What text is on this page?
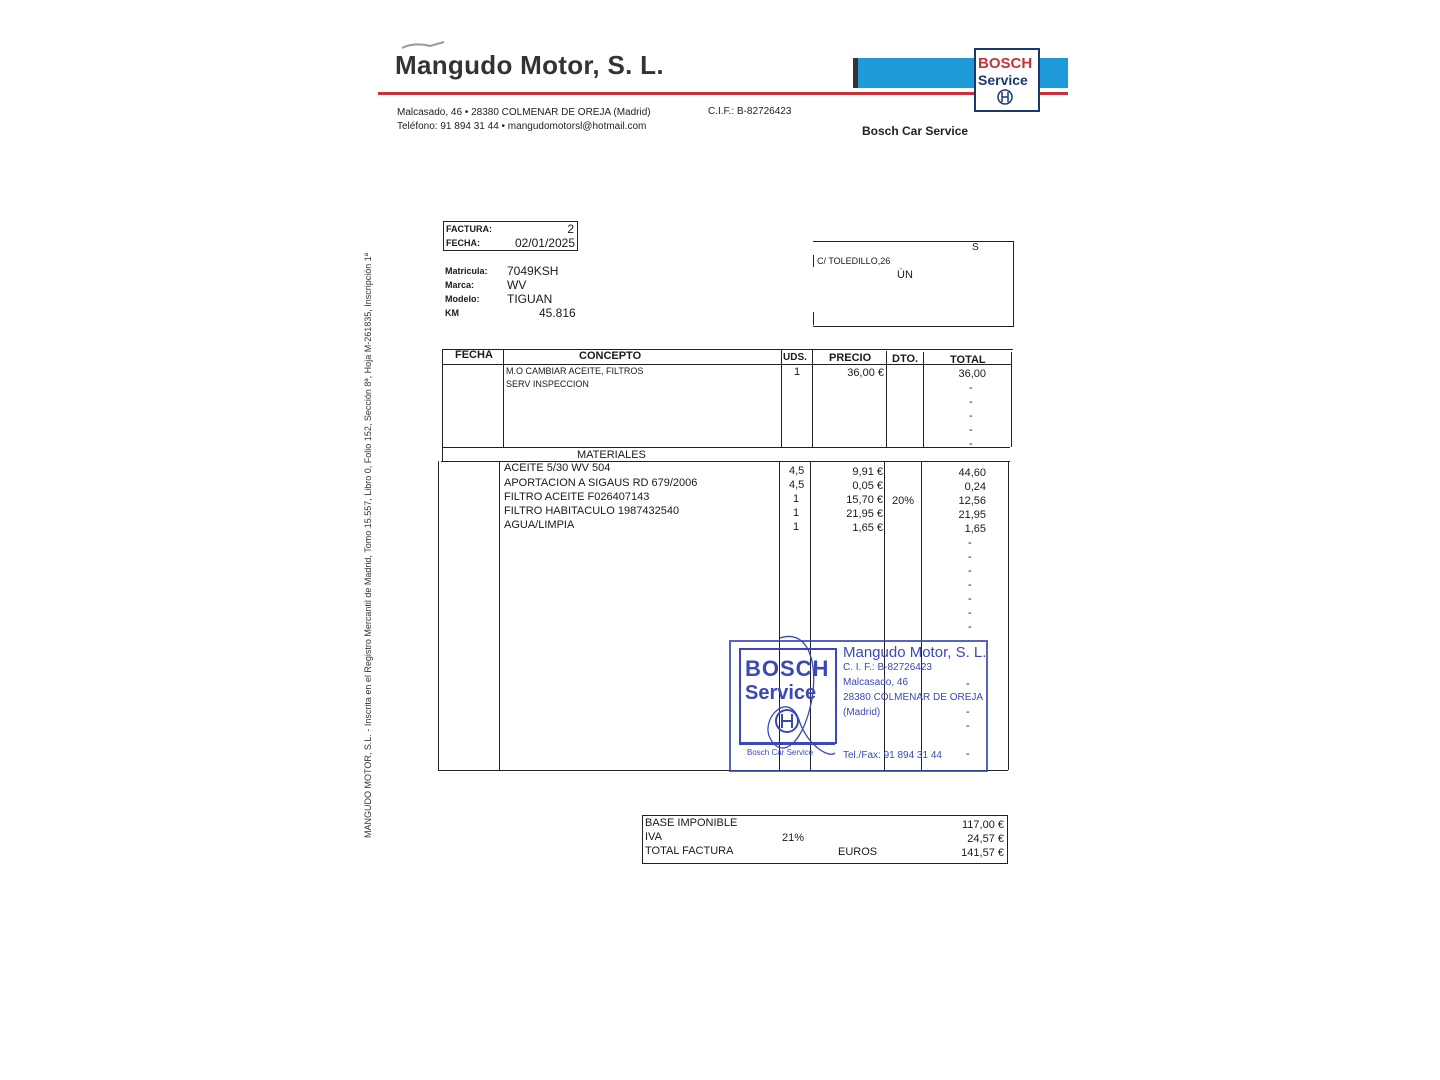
Mangudo Motor, S. L.	BOSCH
Service
Malcasado, 46 • 28380 COLMENAR DE OREJA (Madrid)
Teléfono: 91 894 31 44 • mangudomotorsl@hotmail.com
C.I.F.: B-82726423
Bosch Car Service
FACTURA:	2
FECHA:	02/01/2025
Matricula: 7049KSH
Marca:	WV
Modelo: TIGUAN
KM	45.816
S
C/ TOLEDILLO,26
ÚN
FECHA	CONCEPTO	UDS. PRECIO DTO.	TOTAL
M.O CAMBIAR ACEITE, FILTROS
SERV INSPECCION
1	36,00 €	36,00
-
-
-
-
-
MATERIALES
ACEITE 5/30 WV 504	4,5	9,91 €	44,60
APORTACION A SIGAUS RD 679/2006	4,5	0,05 €	0,24
FILTRO ACEITE F026407143	1	15,70 € 20%	12,56
FILTRO HABITACULO 1987432540	1	21,95 €	21,95
AGUA/LIMPIA	1	1,65 €	1,65
-
-
-
-
-
-
-
-
-
-
-
BOSCH
Service
Bosch Car Service
Mangudo Motor, S. L.
C. I. F.: B-82726423
Malcasado, 46
28380 COLMENAR DE OREJA
(Madrid)
Tel./Fax: 91 894 31 44
BASE IMPONIBLE	117,00 €
IVA	21%	24,57 €
TOTAL FACTURA	EUROS	141,57 €
MANGUDO MOTOR, S.L. - Inscrita en el Registro Mercantil de Madrid, Tomo 15.557, Libro 0, Folio 152, Sección 8ª, Hoja M-261835, Inscripción 1ª
